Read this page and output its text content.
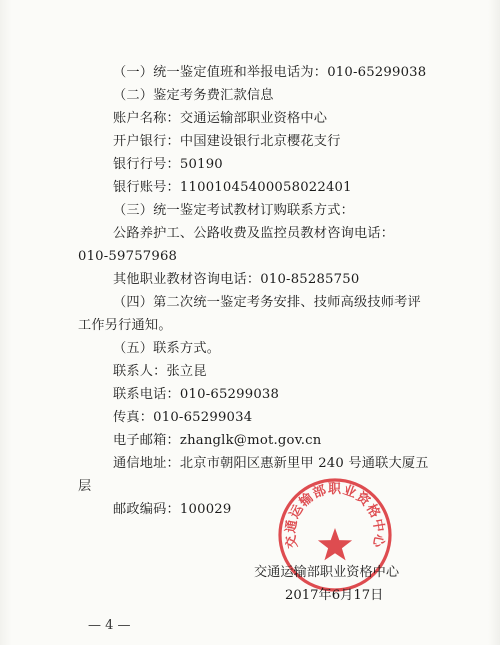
（一）统一鉴定值班和举报电话为：010-65299038
（二）鉴定考务费汇款信息
账户名称：交通运输部职业资格中心
开户银行：中国建设银行北京樱花支行
银行行号：50190
银行账号：11001045400058022401
（三）统一鉴定考试教材订购联系方式：
公路养护工、公路收费及监控员教材咨询电话：
010-59757968
其他职业教材咨询电话：010-85285750
（四）第二次统一鉴定考务安排、技师高级技师考评
工作另行通知。
（五）联系方式。
联系人：张立昆
联系电话：010-65299038
传真：010-65299034
电子邮箱：zhanglk@mot.gov.cn
通信地址：北京市朝阳区惠新里甲 240 号通联大厦五
层
邮政编码：100029
交通运输部职业资格中心
交通运输部职业资格中心
2017年6月17日
— 4 —
